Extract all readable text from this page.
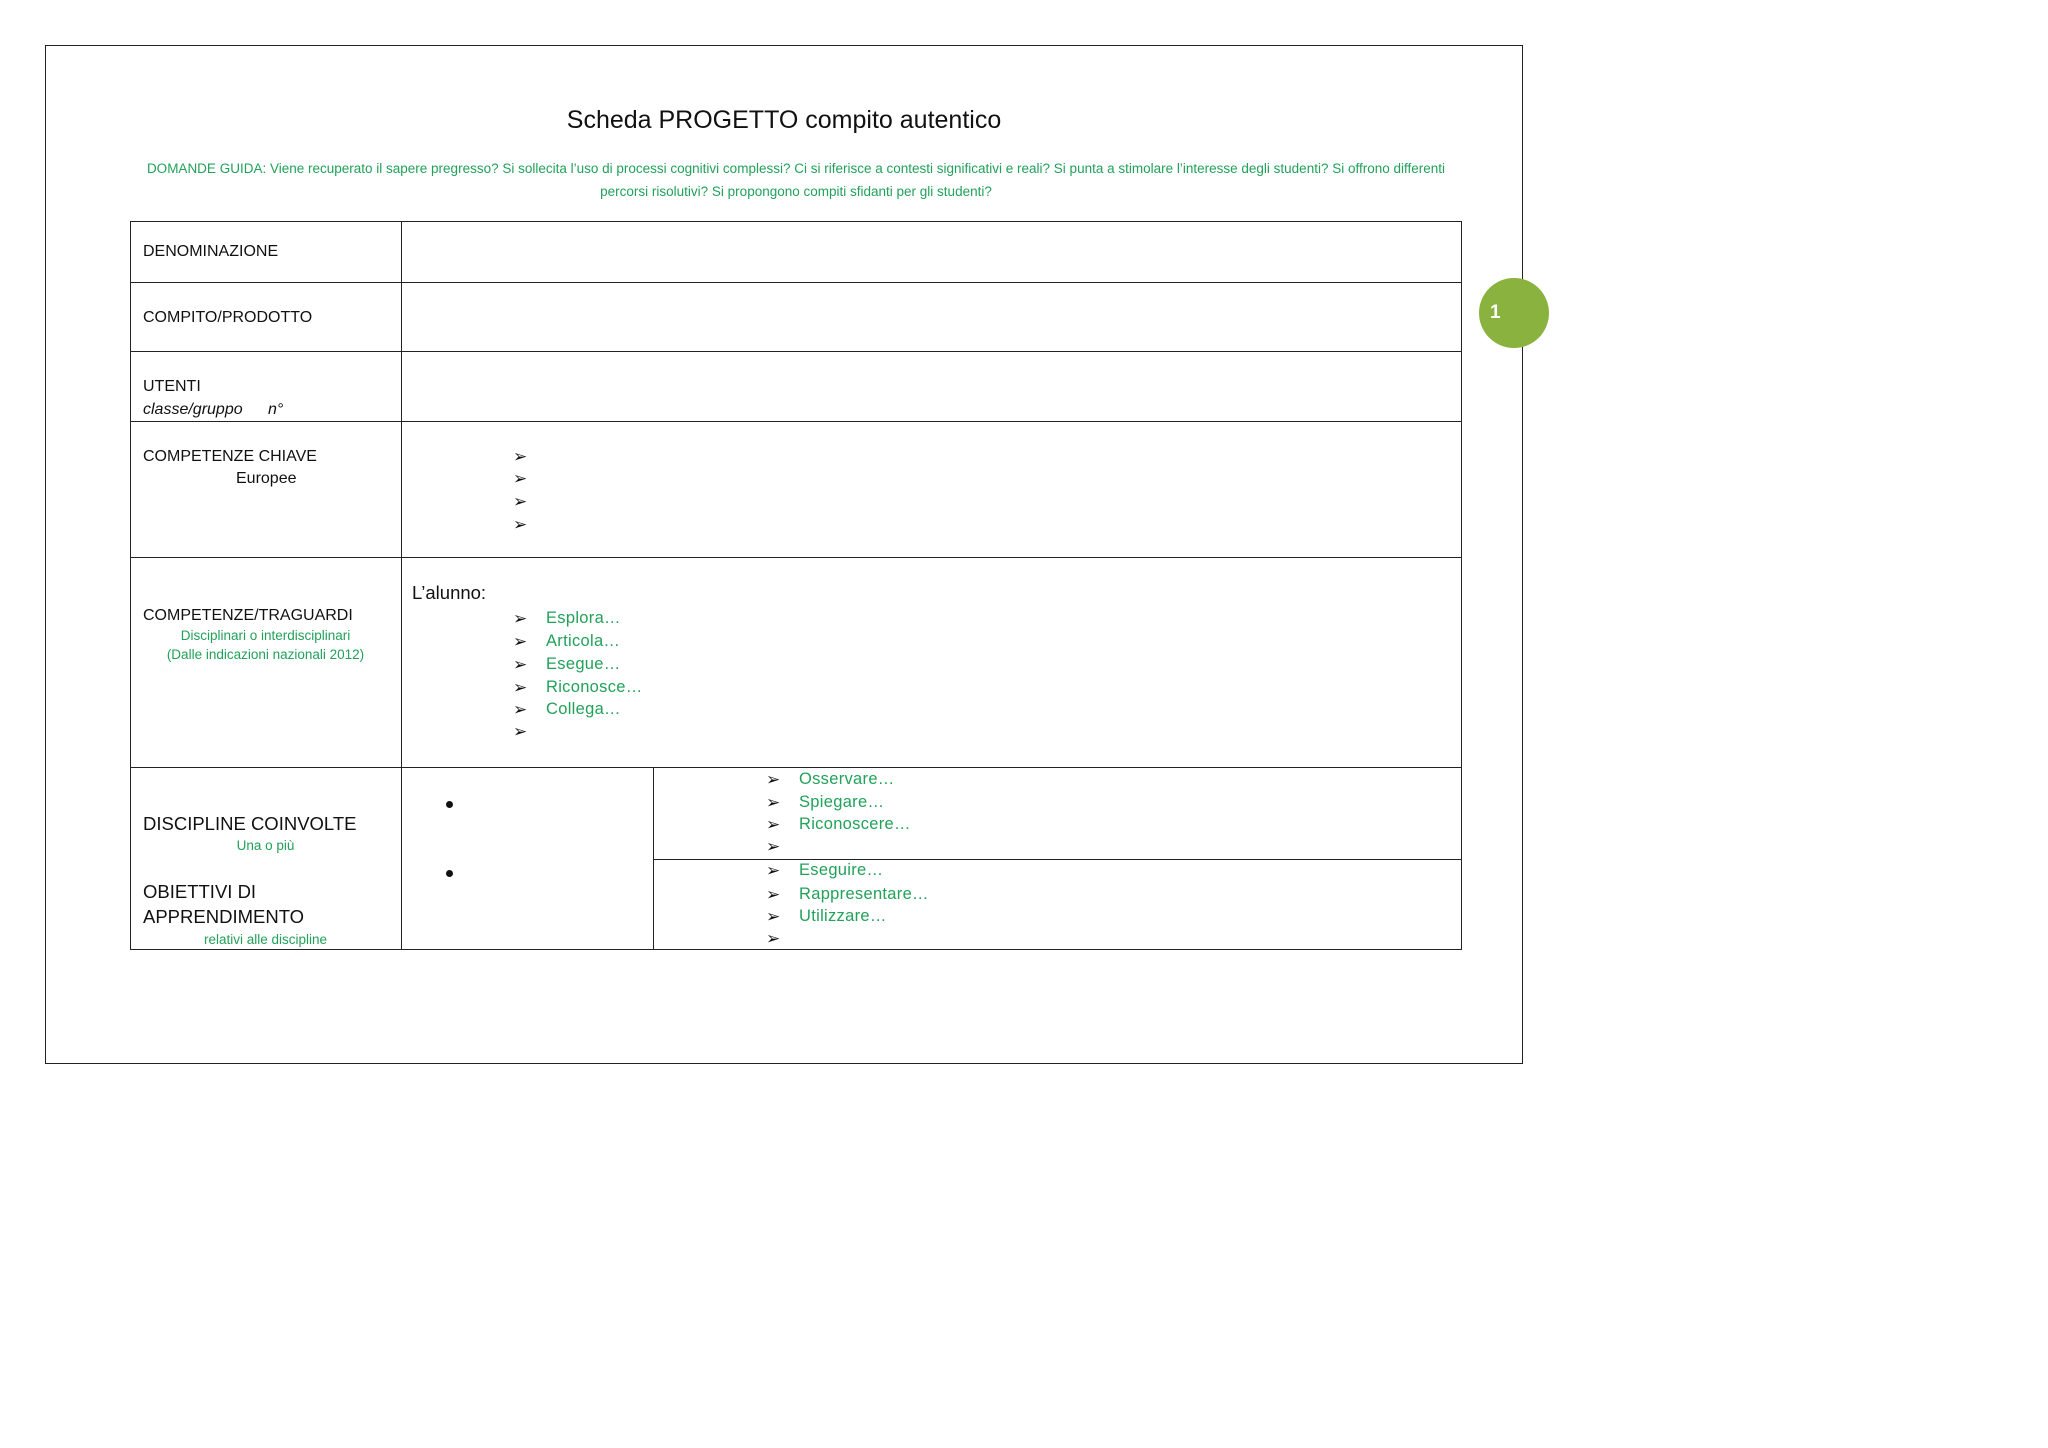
Scheda PROGETTO compito autentico
DOMANDE GUIDA: Viene recuperato il sapere pregresso? Si sollecita l’uso di processi cognitivi complessi? Ci si riferisce a contesti significativi e reali? Si punta a stimolare l’interesse degli studenti? Si offrono differenti
percorsi risolutivi? Si propongono compiti sfidanti per gli studenti?
1
DENOMINAZIONE
COMPITO/PRODOTTO
UTENTI
classe/gruppo n°
COMPETENZE CHIAVE
Europee
COMPETENZE/TRAGUARDI
Disciplinari o interdisciplinari
(Dalle indicazioni nazionali 2012)
DISCIPLINE COINVOLTE
Una o più
OBIETTIVI DI
APPRENDIMENTO
relativi alle discipline
➢
➢
➢
➢
L’alunno:
➢ Esplora…
➢ Articola…
➢ Esegue…
➢ Riconosce…
➢ Collega…
➢
➢ Osservare…
➢ Spiegare…
➢ Riconoscere…
➢
➢ Eseguire…
➢ Rappresentare…
➢ Utilizzare…
➢
